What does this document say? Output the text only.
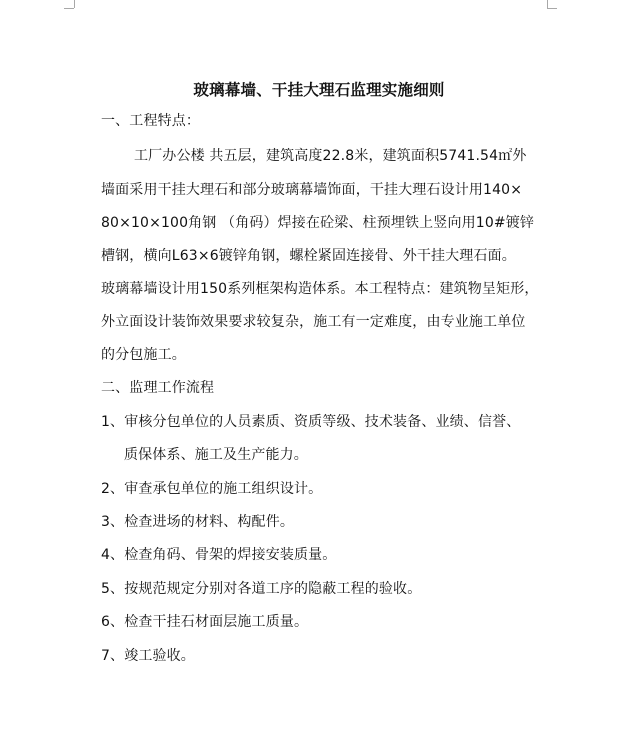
玻璃幕墙、干挂大理石监理实施细则
一、工程特点：
工厂办公楼 共五层，建筑高度22.8米，建筑面积5741.54㎡外
墙面采用干挂大理石和部分玻璃幕墙饰面，干挂大理石设计用140×
80×10×100角钢 （角码）焊接在砼梁、柱预埋铁上竖向用10#镀锌
槽钢，横向L63×6镀锌角钢，螺栓紧固连接骨、外干挂大理石面。
玻璃幕墙设计用150系列框架构造体系。本工程特点：建筑物呈矩形，
外立面设计装饰效果要求较复杂，施工有一定难度，由专业施工单位
的分包施工。
二、监理工作流程
1、审核分包单位的人员素质、资质等级、技术装备、业绩、信誉、
质保体系、施工及生产能力。
2、审查承包单位的施工组织设计。
3、检查进场的材料、构配件。
4、检查角码、骨架的焊接安装质量。
5、按规范规定分别对各道工序的隐蔽工程的验收。
6、检查干挂石材面层施工质量。
7、竣工验收。
